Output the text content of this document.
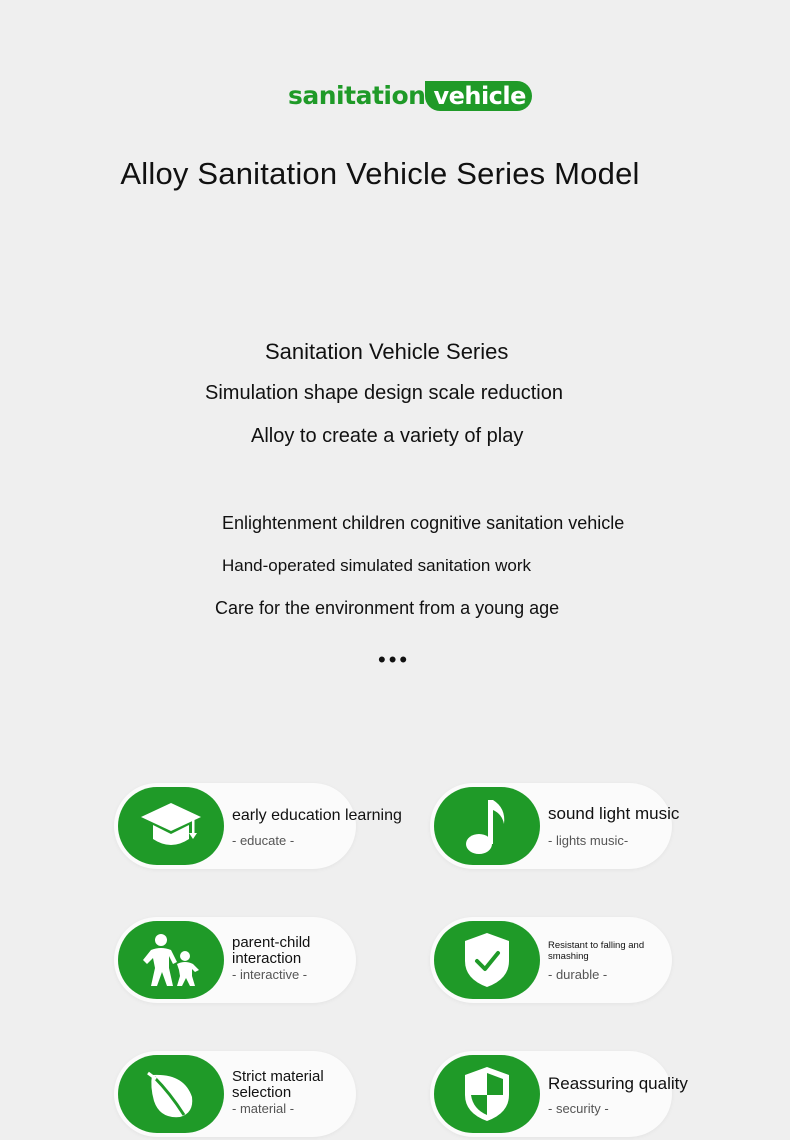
sanitation vehicle
Alloy Sanitation Vehicle Series Model
Sanitation Vehicle Series
Simulation shape design scale reduction
Alloy to create a variety of play
Enlightenment children cognitive sanitation vehicle
Hand-operated simulated sanitation work
Care for the environment from a young age
•••
early education learning
- educate -
sound light music
- lights music-
parent-child interaction
- interactive -
Resistant to falling and smashing
- durable -
Strict material selection
- material -
Reassuring quality
- security -
